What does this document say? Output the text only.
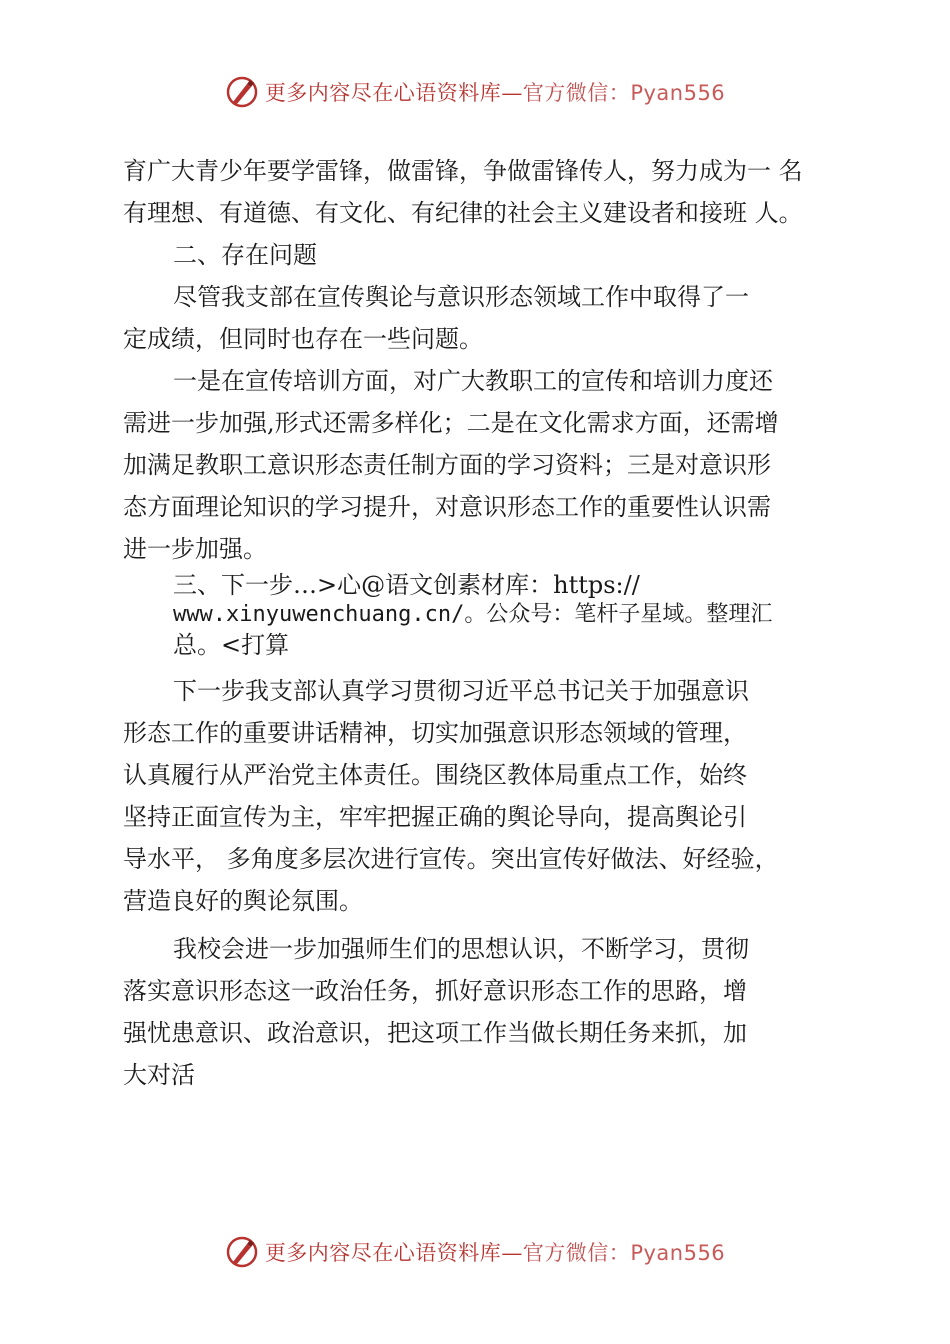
更多内容尽在心语资料库—官方微信：Pyan556
育广大青少年要学雷锋，做雷锋，争做雷锋传人，努力成为一 名
有理想、有道德、有文化、有纪律的社会主义建设者和接班 人。
二、存在问题
尽管我支部在宣传舆论与意识形态领域工作中取得了一
定成绩，但同时也存在一些问题。
一是在宣传培训方面，对广大教职工的宣传和培训力度还
需进一步加强,形式还需多样化；二是在文化需求方面，还需增
加满足教职工意识形态责任制方面的学习资料；三是对意识形
态方面理论知识的学习提升，对意识形态工作的重要性认识需
进一步加强。
三、下一步…>心@语文创素材库：https://
www.xinyuwenchuang.cn/。公众号：笔杆子星域。整理汇
总。<打算
下一步我支部认真学习贯彻习近平总书记关于加强意识
形态工作的重要讲话精神，切实加强意识形态领域的管理，
认真履行从严治党主体责任。围绕区教体局重点工作，始终
坚持正面宣传为主，牢牢把握正确的舆论导向，提高舆论引
导水平， 多角度多层次进行宣传。突出宣传好做法、好经验，
营造良好的舆论氛围。
我校会进一步加强师生们的思想认识，不断学习，贯彻
落实意识形态这一政治任务，抓好意识形态工作的思路，增
强忧患意识、政治意识，把这项工作当做长期任务来抓，加
大对活
更多内容尽在心语资料库—官方微信：Pyan556
